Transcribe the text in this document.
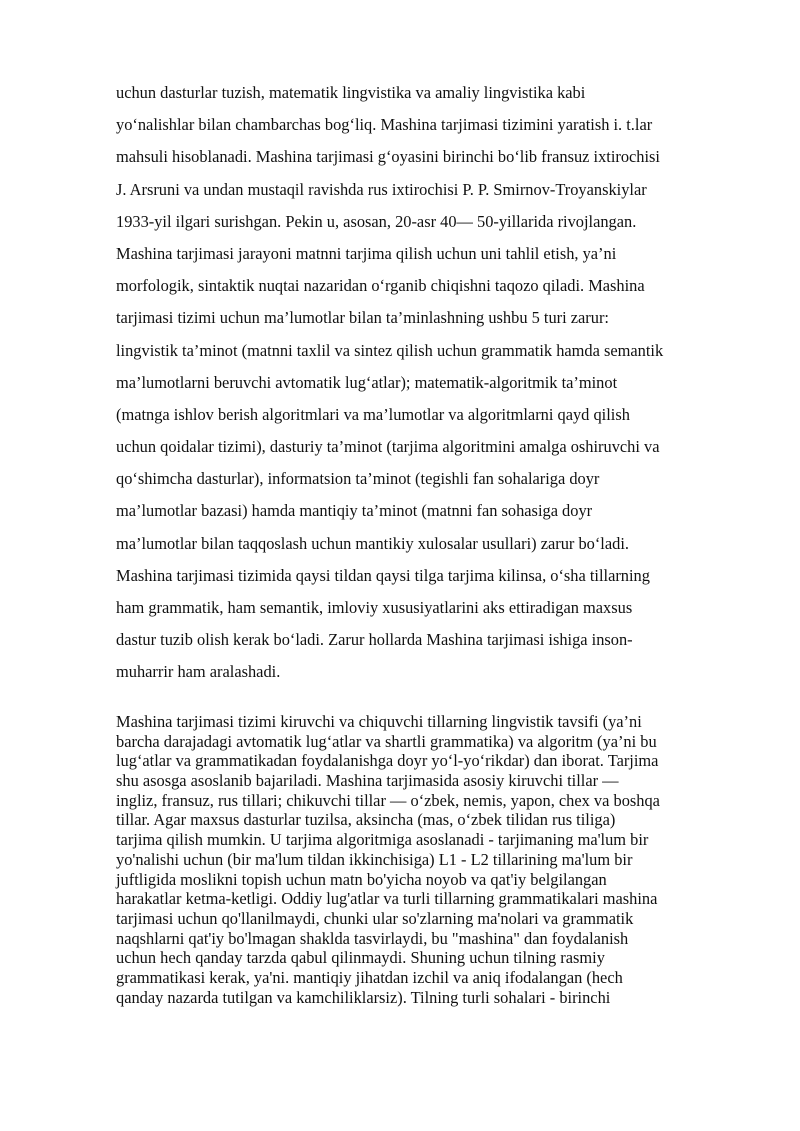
uchun dasturlar tuzish, matematik lingvistika va amaliy lingvistika kabi
yo‘nalishlar bilan chambarchas bog‘liq. Mashina tarjimasi tizimini yaratish i. t.lar
mahsuli hisoblanadi. Mashina tarjimasi g‘oyasini birinchi bo‘lib fransuz ixtirochisi
J. Arsruni va undan mustaqil ravishda rus ixtirochisi P. P. Smirnov-Troyanskiylar
1933-yil ilgari surishgan. Pekin u, asosan, 20-asr 40— 50-yillarida rivojlangan.
Mashina tarjimasi jarayoni matnni tarjima qilish uchun uni tahlil etish, ya’ni
morfologik, sintaktik nuqtai nazaridan o‘rganib chiqishni taqozo qiladi. Mashina
tarjimasi tizimi uchun ma’lumotlar bilan ta’minlashning ushbu 5 turi zarur:
lingvistik ta’minot (matnni taxlil va sintez qilish uchun grammatik hamda semantik
ma’lumotlarni beruvchi avtomatik lug‘atlar); matematik-algoritmik ta’minot
(matnga ishlov berish algoritmlari va ma’lumotlar va algoritmlarni qayd qilish
uchun qoidalar tizimi), dasturiy ta’minot (tarjima algoritmini amalga oshiruvchi va
qo‘shimcha dasturlar), informatsion ta’minot (tegishli fan sohalariga doyr
ma’lumotlar bazasi) hamda mantiqiy ta’minot (matnni fan sohasiga doyr
ma’lumotlar bilan taqqoslash uchun mantikiy xulosalar usullari) zarur bo‘ladi.
Mashina tarjimasi tizimida qaysi tildan qaysi tilga tarjima kilinsa, o‘sha tillarning
ham grammatik, ham semantik, imloviy xususiyatlarini aks ettiradigan maxsus
dastur tuzib olish kerak bo‘ladi. Zarur hollarda Mashina tarjimasi ishiga inson-
muharrir ham aralashadi.
Mashina tarjimasi tizimi kiruvchi va chiquvchi tillarning lingvistik tavsifi (ya’ni
barcha darajadagi avtomatik lug‘atlar va shartli grammatika) va algoritm (ya’ni bu
lug‘atlar va grammatikadan foydalanishga doyr yo‘l-yo‘rikdar) dan iborat. Tarjima
shu asosga asoslanib bajariladi. Mashina tarjimasida asosiy kiruvchi tillar —
ingliz, fransuz, rus tillari; chikuvchi tillar — o‘zbek, nemis, yapon, chex va boshqa
tillar. Agar maxsus dasturlar tuzilsa, aksincha (mas, o‘zbek tilidan rus tiliga)
tarjima qilish mumkin. U tarjima algoritmiga asoslanadi - tarjimaning ma'lum bir
yo'nalishi uchun (bir ma'lum tildan ikkinchisiga) L1 - L2 tillarining ma'lum bir
juftligida moslikni topish uchun matn bo'yicha noyob va qat'iy belgilangan
harakatlar ketma-ketligi. Oddiy lug'atlar va turli tillarning grammatikalari mashina
tarjimasi uchun qo'llanilmaydi, chunki ular so'zlarning ma'nolari va grammatik
naqshlarni qat'iy bo'lmagan shaklda tasvirlaydi, bu "mashina" dan foydalanish
uchun hech qanday tarzda qabul qilinmaydi. Shuning uchun tilning rasmiy
grammatikasi kerak, ya'ni. mantiqiy jihatdan izchil va aniq ifodalangan (hech
qanday nazarda tutilgan va kamchiliklarsiz). Tilning turli sohalari - birinchi
